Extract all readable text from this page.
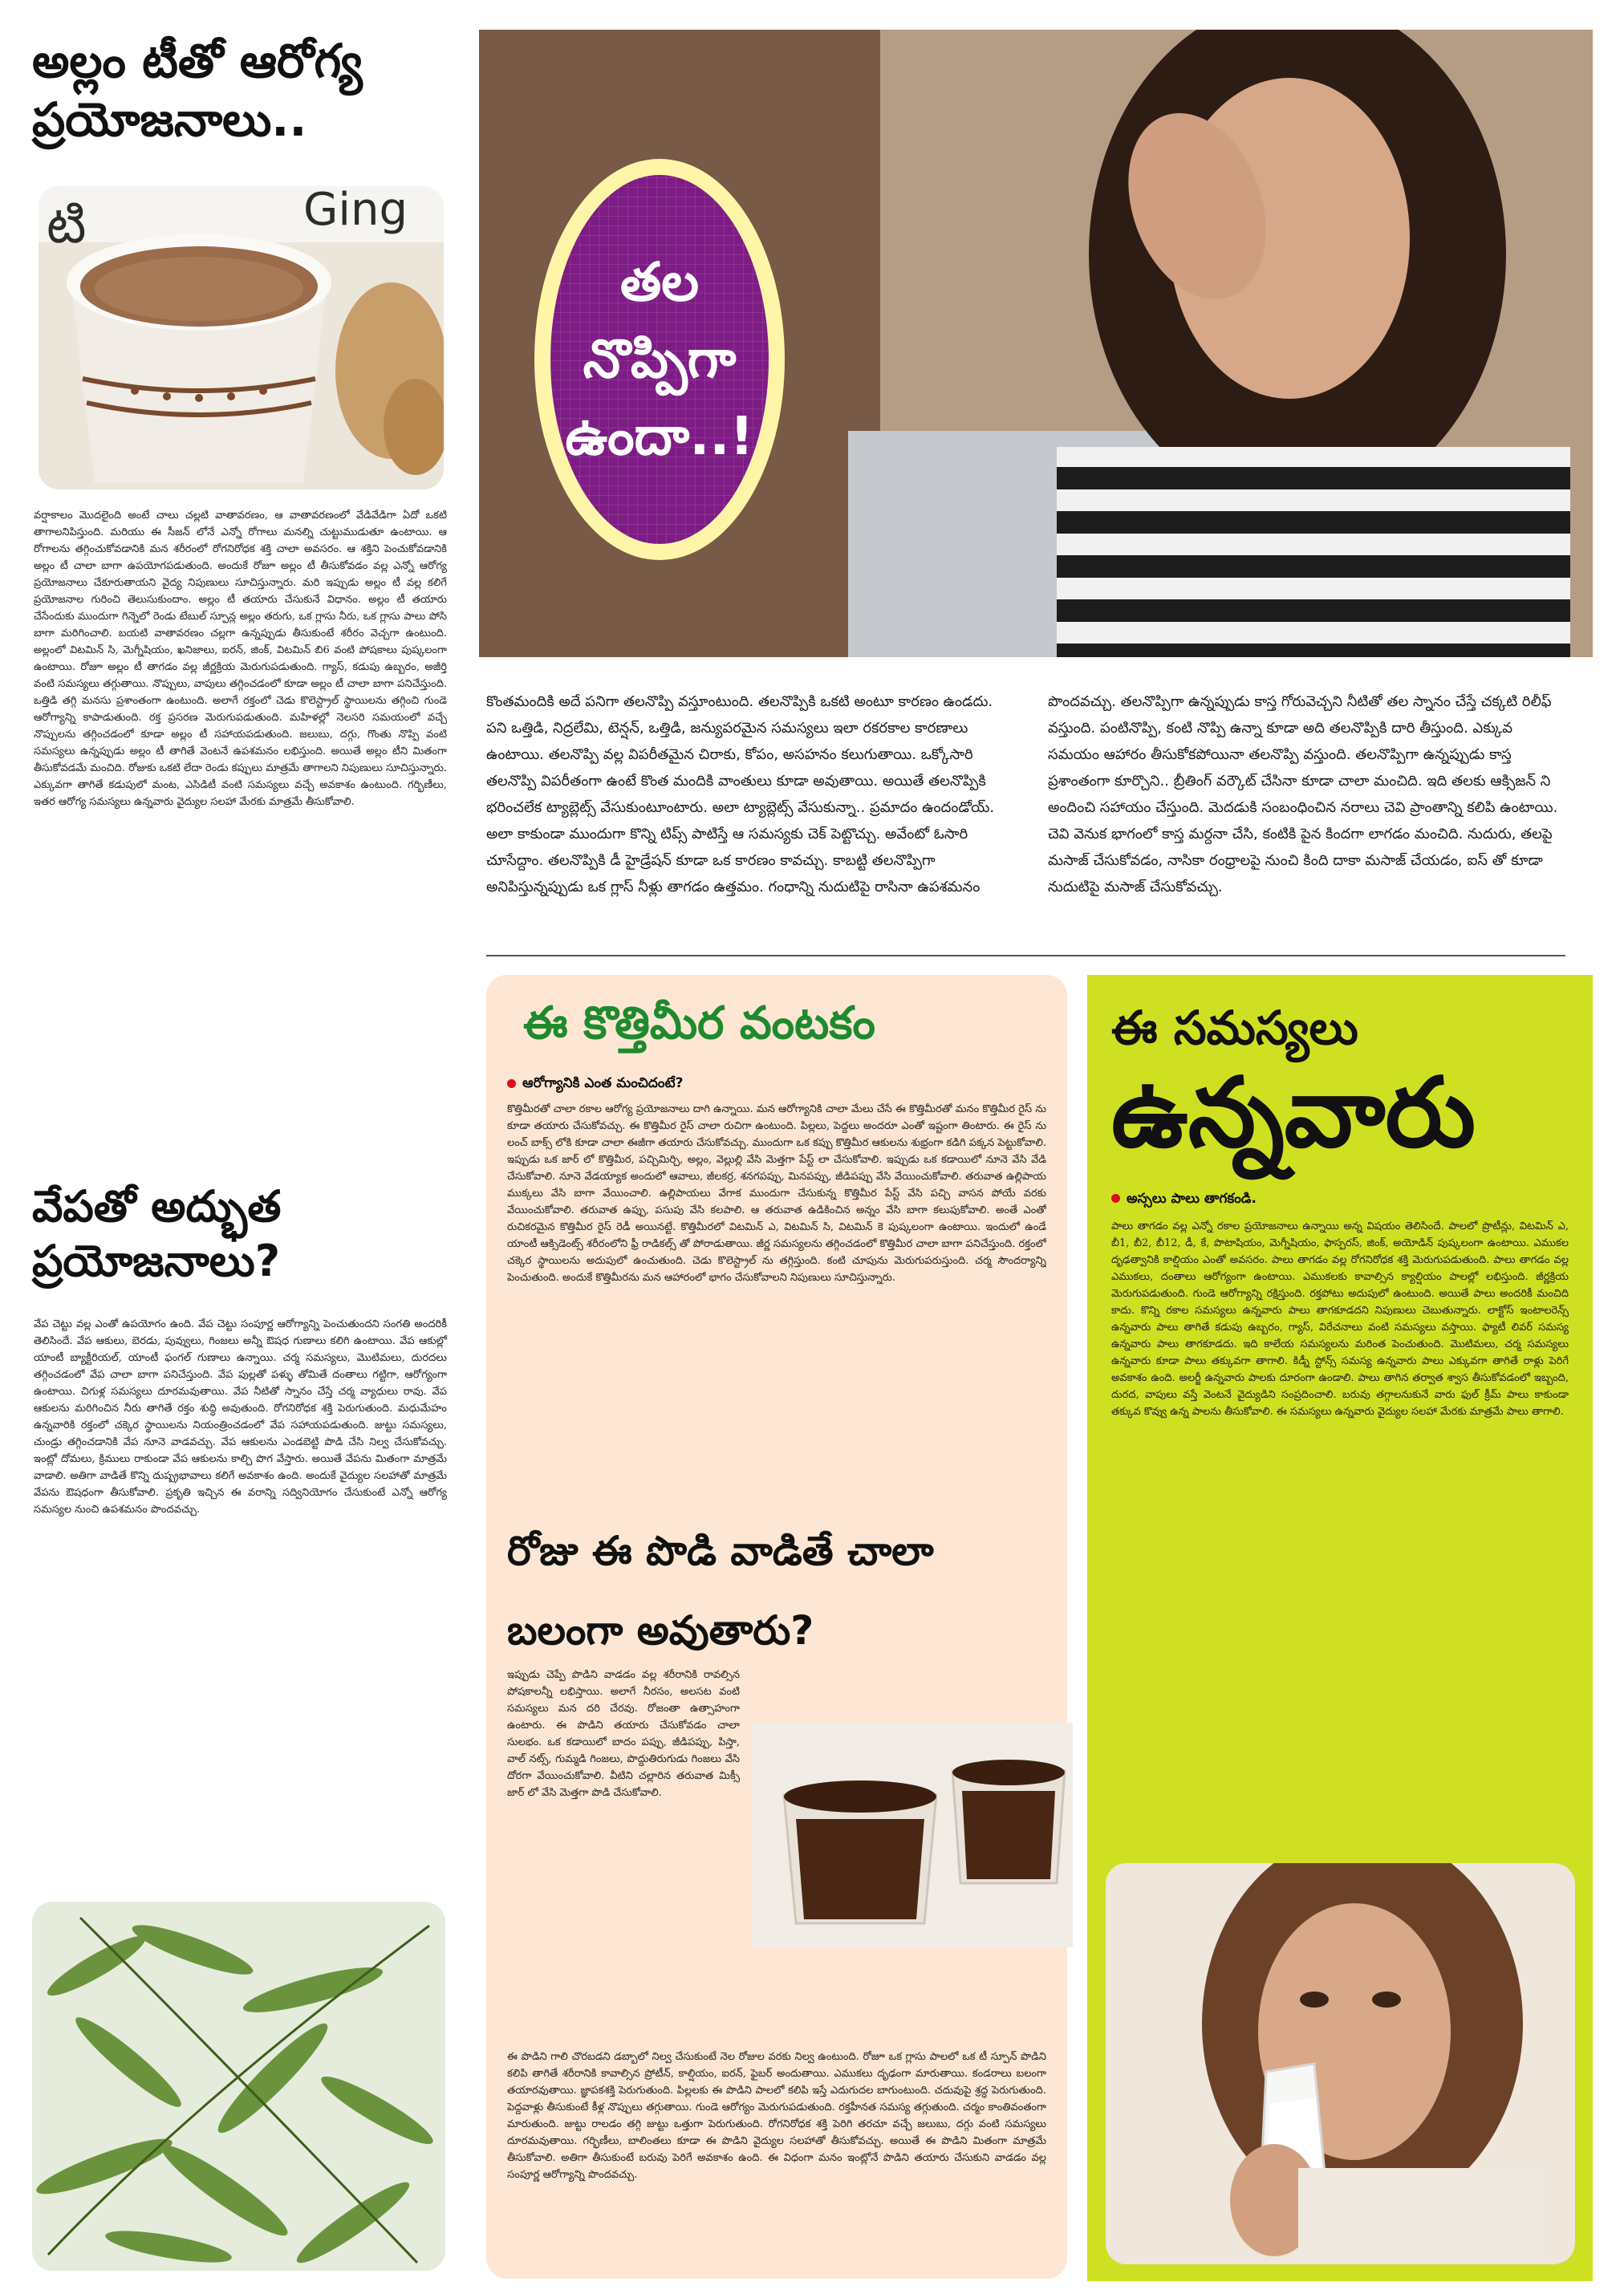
అల్లం టీతో ఆరోగ్య ప్రయోజనాలు..
Ging
టి
వర్షాకాలం మొదలైంది అంటే చాలు చల్లటి వాతావరణం, ఆ వాతావరణంలో వేడివేడిగా ఏదో ఒకటి తాగాలనిపిస్తుంది. మరియు ఈ సీజన్ లోనే ఎన్నో రోగాలు మనల్ని చుట్టుముడుతూ ఉంటాయి. ఆ రోగాలను తగ్గించుకోవడానికి మన శరీరంలో రోగనిరోధక శక్తి చాలా అవసరం. ఆ శక్తిని పెంచుకోవడానికి అల్లం టీ చాలా బాగా ఉపయోగపడుతుంది. అందుకే రోజూ అల్లం టీ తీసుకోవడం వల్ల ఎన్నో ఆరోగ్య ప్రయోజనాలు చేకూరుతాయని వైద్య నిపుణులు సూచిస్తున్నారు. మరి ఇప్పుడు అల్లం టీ వల్ల కలిగే ప్రయోజనాల గురించి తెలుసుకుందాం. అల్లం టీ తయారు చేసుకునే విధానం. అల్లం టీ తయారు చేసేందుకు ముందుగా గిన్నెలో రెండు టేబుల్ స్పూన్ల అల్లం తరుగు, ఒక గ్లాసు నీరు, ఒక గ్లాసు పాలు పోసి బాగా మరిగించాలి. బయటి వాతావరణం చల్లగా ఉన్నప్పుడు తీసుకుంటే శరీరం వెచ్చగా ఉంటుంది. అల్లంలో విటమిన్ సి, మెగ్నీషియం, ఖనిజాలు, ఐరన్, జింక్, విటమిన్ బి6 వంటి పోషకాలు పుష్కలంగా ఉంటాయి. రోజూ అల్లం టీ తాగడం వల్ల జీర్ణక్రియ మెరుగుపడుతుంది. గ్యాస్, కడుపు ఉబ్బరం, అజీర్తి వంటి సమస్యలు తగ్గుతాయి. నొప్పులు, వాపులు తగ్గించడంలో కూడా అల్లం టీ చాలా బాగా పనిచేస్తుంది. ఒత్తిడి తగ్గి మనసు ప్రశాంతంగా ఉంటుంది. అలాగే రక్తంలో చెడు కొలెస్ట్రాల్ స్థాయిలను తగ్గించి గుండె ఆరోగ్యాన్ని కాపాడుతుంది. రక్త ప్రసరణ మెరుగుపడుతుంది. మహిళల్లో నెలసరి సమయంలో వచ్చే నొప్పులను తగ్గించడంలో కూడా అల్లం టీ సహాయపడుతుంది. జలుబు, దగ్గు, గొంతు నొప్పి వంటి సమస్యలు ఉన్నప్పుడు అల్లం టీ తాగితే వెంటనే ఉపశమనం లభిస్తుంది. అయితే అల్లం టీని మితంగా తీసుకోవడమే మంచిది. రోజుకు ఒకటి లేదా రెండు కప్పులు మాత్రమే తాగాలని నిపుణులు సూచిస్తున్నారు. ఎక్కువగా తాగితే కడుపులో మంట, ఎసిడిటీ వంటి సమస్యలు వచ్చే అవకాశం ఉంటుంది. గర్భిణీలు, ఇతర ఆరోగ్య సమస్యలు ఉన్నవారు వైద్యుల సలహా మేరకు మాత్రమే తీసుకోవాలి.
వేపతో అద్భుత ప్రయోజనాలు?
వేప చెట్టు వల్ల ఎంతో ఉపయోగం ఉంది. వేప చెట్టు సంపూర్ణ ఆరోగ్యాన్ని పెంచుతుందని సంగతి అందరికీ తెలిసిందే. వేప ఆకులు, బెరడు, పువ్వులు, గింజలు అన్నీ ఔషధ గుణాలు కలిగి ఉంటాయి. వేప ఆకుల్లో యాంటీ బ్యాక్టీరియల్, యాంటీ ఫంగల్ గుణాలు ఉన్నాయి. చర్మ సమస్యలు, మొటిమలు, దురదలు తగ్గించడంలో వేప చాలా బాగా పనిచేస్తుంది. వేప పుల్లతో పళ్ళు తోమితే దంతాలు గట్టిగా, ఆరోగ్యంగా ఉంటాయి. చిగుళ్ల సమస్యలు దూరమవుతాయి. వేప నీటితో స్నానం చేస్తే చర్మ వ్యాధులు రావు. వేప ఆకులను మరిగించిన నీరు తాగితే రక్తం శుద్ధి అవుతుంది. రోగనిరోధక శక్తి పెరుగుతుంది. మధుమేహం ఉన్నవారికి రక్తంలో చక్కెర స్థాయిలను నియంత్రించడంలో వేప సహాయపడుతుంది. జుట్టు సమస్యలు, చుండ్రు తగ్గించడానికి వేప నూనె వాడవచ్చు. వేప ఆకులను ఎండబెట్టి పొడి చేసి నిల్వ చేసుకోవచ్చు. ఇంట్లో దోమలు, క్రిములు రాకుండా వేప ఆకులను కాల్చి పొగ వేస్తారు. అయితే వేపను మితంగా మాత్రమే వాడాలి. అతిగా వాడితే కొన్ని దుష్ప్రభావాలు కలిగే అవకాశం ఉంది. అందుకే వైద్యుల సలహాతో మాత్రమే వేపను ఔషధంగా తీసుకోవాలి. ప్రకృతి ఇచ్చిన ఈ వరాన్ని సద్వినియోగం చేసుకుంటే ఎన్నో ఆరోగ్య సమస్యల నుంచి ఉపశమనం పొందవచ్చు.
తల
నొప్పిగా
ఉందా..!
కొంతమందికి అదే పనిగా తలనొప్పి వస్తూంటుంది. తలనొప్పికి ఒకటి అంటూ కారణం ఉండదు. పని ఒత్తిడి, నిద్రలేమి, టెన్షన్, ఒత్తిడి, జన్యుపరమైన సమస్యలు ఇలా రకరకాల కారణాలు ఉంటాయి. తలనొప్పి వల్ల విపరీతమైన చిరాకు, కోపం, అసహనం కలుగుతాయి. ఒక్కోసారి తలనొప్పి విపరీతంగా ఉంటే కొంత మందికి వాంతులు కూడా అవుతాయి. అయితే తలనొప్పికి భరించలేక ట్యాబ్లెట్స్ వేసుకుంటూంటారు. అలా ట్యాబ్లెట్స్ వేసుకున్నా.. ప్రమాదం ఉందండోయ్. అలా కాకుండా ముందుగా కొన్ని టిప్స్ పాటిస్తే ఆ సమస్యకు చెక్ పెట్టొచ్చు. అవేంటో ఓసారి చూసేద్దాం. తలనొప్పికి డీ హైడ్రేషన్ కూడా ఒక కారణం కావచ్చు. కాబట్టి తలనొప్పిగా అనిపిస్తున్నప్పుడు ఒక గ్లాస్ నీళ్లు తాగడం ఉత్తమం. గంధాన్ని నుదుటిపై రాసినా ఉపశమనం పొందవచ్చు. తలనొప్పిగా ఉన్నప్పుడు కాస్త గోరువెచ్చని నీటితో తల స్నానం చేస్తే చక్కటి రిలీఫ్ వస్తుంది. పంటినొప్పి, కంటి నొప్పి ఉన్నా కూడా అది తలనొప్పికి దారి తీస్తుంది. ఎక్కువ సమయం ఆహారం తీసుకోకపోయినా తలనొప్పి వస్తుంది. తలనొప్పిగా ఉన్నప్పుడు కాస్త ప్రశాంతంగా కూర్చొని.. బ్రీతింగ్ వర్కౌట్ చేసినా కూడా చాలా మంచిది. ఇది తలకు ఆక్సిజన్ ని అందించి సహాయం చేస్తుంది. మెదడుకి సంబంధించిన నరాలు చెవి ప్రాంతాన్ని కలిపి ఉంటాయి. చెవి వెనుక భాగంలో కాస్త మర్దనా చేసి, కంటికి పైన కిందగా లాగడం మంచిది. నుదురు, తలపై మసాజ్ చేసుకోవడం, నాసికా రంధ్రాలపై నుంచి కింది దాకా మసాజ్ చేయడం, ఐస్ తో కూడా నుదుటిపై మసాజ్ చేసుకోవచ్చు.
ఈ కొత్తిమీర వంటకం
ఆరోగ్యానికి ఎంత మంచిదంటే?
కొత్తిమీరతో చాలా రకాల ఆరోగ్య ప్రయోజనాలు దాగి ఉన్నాయి. మన ఆరోగ్యానికి చాలా మేలు చేసే ఈ కొత్తిమీరతో మనం కొత్తిమీర రైస్ ను కూడా తయారు చేసుకోవచ్చు. ఈ కొత్తిమీర రైస్ చాలా రుచిగా ఉంటుంది. పిల్లలు, పెద్దలు అందరూ ఎంతో ఇష్టంగా తింటారు. ఈ రైస్ ను లంచ్ బాక్స్ లోకి కూడా చాలా ఈజీగా తయారు చేసుకోవచ్చు. ముందుగా ఒక కప్పు కొత్తిమీర ఆకులను శుభ్రంగా కడిగి పక్కన పెట్టుకోవాలి. ఇప్పుడు ఒక జార్ లో కొత్తిమీర, పచ్చిమిర్చి, అల్లం, వెల్లుల్లి వేసి మెత్తగా పేస్ట్ లా చేసుకోవాలి. ఇప్పుడు ఒక కడాయిలో నూనె వేసి వేడి చేసుకోవాలి. నూనె వేడయ్యాక అందులో ఆవాలు, జీలకర్ర, శనగపప్పు, మినపప్పు, జీడిపప్పు వేసి వేయించుకోవాలి. తరువాత ఉల్లిపాయ ముక్కలు వేసి బాగా వేయించాలి. ఉల్లిపాయలు వేగాక ముందుగా చేసుకున్న కొత్తిమీర పేస్ట్ వేసి పచ్చి వాసన పోయే వరకు వేయించుకోవాలి. తరువాత ఉప్పు, పసుపు వేసి కలపాలి. ఆ తరువాత ఉడికించిన అన్నం వేసి బాగా కలుపుకోవాలి. అంతే ఎంతో రుచికరమైన కొత్తిమీర రైస్ రెడీ అయినట్టే. కొత్తిమీరలో విటమిన్ ఎ, విటమిన్ సి, విటమిన్ కె పుష్కలంగా ఉంటాయి. ఇందులో ఉండే యాంటీ ఆక్సిడెంట్స్ శరీరంలోని ఫ్రీ రాడికల్స్ తో పోరాడుతాయి. జీర్ణ సమస్యలను తగ్గించడంలో కొత్తిమీర చాలా బాగా పనిచేస్తుంది. రక్తంలో చక్కెర స్థాయిలను అదుపులో ఉంచుతుంది. చెడు కొలెస్ట్రాల్ ను తగ్గిస్తుంది. కంటి చూపును మెరుగుపరుస్తుంది. చర్మ సౌందర్యాన్ని పెంచుతుంది. అందుకే కొత్తిమీరను మన ఆహారంలో భాగం చేసుకోవాలని నిపుణులు సూచిస్తున్నారు.
రోజు ఈ పొడి వాడితే చాలా
బలంగా అవుతారు?
ఇప్పుడు చెప్పే పొడిని వాడడం వల్ల శరీరానికి రావల్సిన పోషకాలన్నీ లభిస్తాయి. అలాగే నీరసం, అలసట వంటి సమస్యలు మన దరి చేరవు. రోజంతా ఉత్సాహంగా ఉంటారు. ఈ పొడిని తయారు చేసుకోవడం చాలా సులభం. ఒక కడాయిలో బాదం పప్పు, జీడిపప్పు, పిస్తా, వాల్ నట్స్, గుమ్మడి గింజలు, పొద్దుతిరుగుడు గింజలు వేసి దోరగా వేయించుకోవాలి. వీటిని చల్లారిన తరువాత మిక్సీ జార్ లో వేసి మెత్తగా పొడి చేసుకోవాలి.
ఈ పొడిని గాలి చొరబడని డబ్బాలో నిల్వ చేసుకుంటే నెల రోజుల వరకు నిల్వ ఉంటుంది. రోజూ ఒక గ్లాసు పాలలో ఒక టీ స్పూన్ పొడిని కలిపి తాగితే శరీరానికి కావాల్సిన ప్రోటీన్, కాల్షియం, ఐరన్, ఫైబర్ అందుతాయి. ఎముకలు దృఢంగా మారుతాయి. కండరాలు బలంగా తయారవుతాయి. జ్ఞాపకశక్తి పెరుగుతుంది. పిల్లలకు ఈ పొడిని పాలలో కలిపి ఇస్తే ఎదుగుదల బాగుంటుంది. చదువుపై శ్రద్ధ పెరుగుతుంది. పెద్దవాళ్లు తీసుకుంటే కీళ్ల నొప్పులు తగ్గుతాయి. గుండె ఆరోగ్యం మెరుగుపడుతుంది. రక్తహీనత సమస్య తగ్గుతుంది. చర్మం కాంతివంతంగా మారుతుంది. జుట్టు రాలడం తగ్గి జుట్టు ఒత్తుగా పెరుగుతుంది. రోగనిరోధక శక్తి పెరిగి తరచూ వచ్చే జలుబు, దగ్గు వంటి సమస్యలు దూరమవుతాయి. గర్భిణీలు, బాలింతలు కూడా ఈ పొడిని వైద్యుల సలహాతో తీసుకోవచ్చు. అయితే ఈ పొడిని మితంగా మాత్రమే తీసుకోవాలి. అతిగా తీసుకుంటే బరువు పెరిగే అవకాశం ఉంది. ఈ విధంగా మనం ఇంట్లోనే పొడిని తయారు చేసుకుని వాడడం వల్ల సంపూర్ణ ఆరోగ్యాన్ని పొందవచ్చు.
ఈ సమస్యలు
ఉన్నవారు
అస్సలు పాలు తాగకండి.
పాలు తాగడం వల్ల ఎన్నో రకాల ప్రయోజనాలు ఉన్నాయి అన్న విషయం తెలిసిందే. పాలలో ప్రొటీన్లు, విటమిన్ ఎ, బీ1, బీ2, బీ12, డీ, కే, పొటాషియం, మెగ్నీషియం, ఫాస్పరస్, జింక్, అయోడిన్ పుష్కలంగా ఉంటాయి. ఎముకల దృఢత్వానికి కాల్షియం ఎంతో అవసరం. పాలు తాగడం వల్ల రోగనిరోధక శక్తి మెరుగుపడుతుంది. పాలు తాగడం వల్ల ఎముకలు, దంతాలు ఆరోగ్యంగా ఉంటాయి. ఎముకలకు కావాల్సిన క్యాల్షియం పాలల్లో లభిస్తుంది. జీర్ణక్రియ మెరుగుపడుతుంది. గుండె ఆరోగ్యాన్ని రక్షిస్తుంది. రక్తపోటు అదుపులో ఉంటుంది. అయితే పాలు అందరికీ మంచిది కాదు. కొన్ని రకాల సమస్యలు ఉన్నవారు పాలు తాగకూడదని నిపుణులు చెబుతున్నారు. లాక్టోస్ ఇంటాలరెన్స్ ఉన్నవారు పాలు తాగితే కడుపు ఉబ్బరం, గ్యాస్, విరేచనాలు వంటి సమస్యలు వస్తాయి. ఫ్యాటీ లివర్ సమస్య ఉన్నవారు పాలు తాగకూడదు. ఇది కాలేయ సమస్యలను మరింత పెంచుతుంది. మొటిమలు, చర్మ సమస్యలు ఉన్నవారు కూడా పాలు తక్కువగా తాగాలి. కిడ్నీ స్టోన్స్ సమస్య ఉన్నవారు పాలు ఎక్కువగా తాగితే రాళ్లు పెరిగే అవకాశం ఉంది. అలర్జీ ఉన్నవారు పాలకు దూరంగా ఉండాలి. పాలు తాగిన తర్వాత శ్వాస తీసుకోవడంలో ఇబ్బంది, దురద, వాపులు వస్తే వెంటనే వైద్యుడిని సంప్రదించాలి. బరువు తగ్గాలనుకునే వారు ఫుల్ క్రీమ్ పాలు కాకుండా తక్కువ కొవ్వు ఉన్న పాలను తీసుకోవాలి. ఈ సమస్యలు ఉన్నవారు వైద్యుల సలహా మేరకు మాత్రమే పాలు తాగాలి.
